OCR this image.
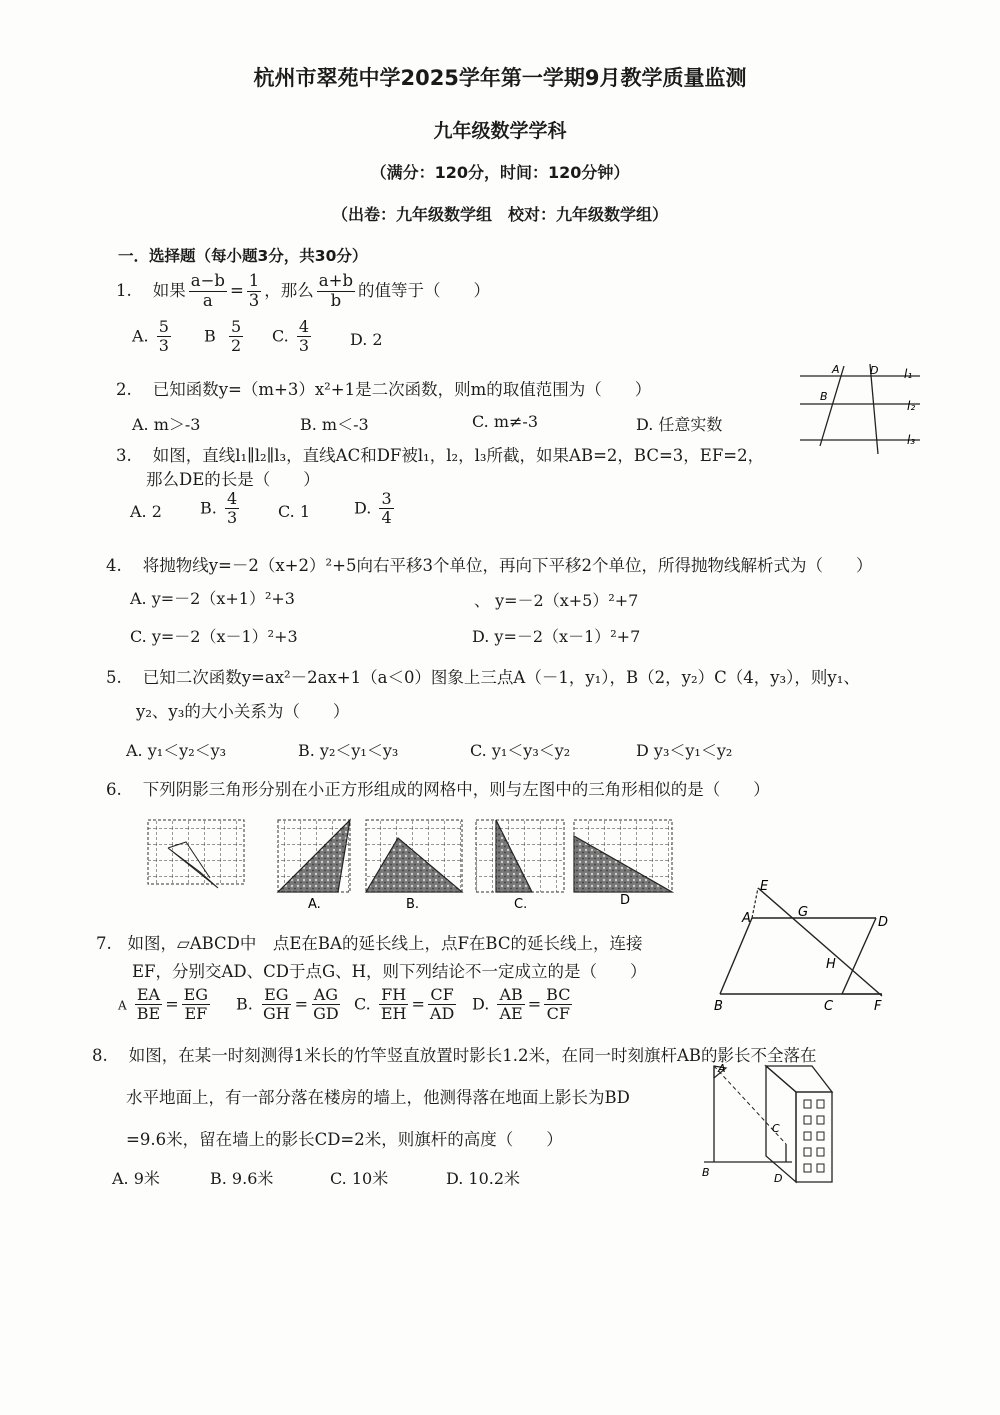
杭州市翠苑中学2025学年第一学期9月教学质量监测
九年级数学学科
（满分：120分，时间：120分钟）
（出卷：九年级数学组　校对：九年级数学组）
一．选择题（每小题3分，共30分）
1. 如果 $\frac{a-b}{a} = \frac{1}{3}$ ，那么 $\frac{a+b}{b}$ 的值等于（　　）
A. $\frac{5}{3}$ B $\frac{5}{2} C$. $\frac{4}{3} D$. 2
2. 已知函数y=（m+3）x²+1是二次函数，则m的取值范围为（　　）
A. m＞-3	B. m＜-3	C. m≠-3	D. 任意实数
A	D
B
l₁
l₂
l₃
3. 如图，直线l₁∥l₂∥l₃，直线AC和DF被l₁，l₂，l₃所截，如果AB=2，BC=3，EF=2，
那么DE的长是（　　）
A. 2 B. $\frac{4}{3} C$. 1	D. $\frac{3}{4}$
4. 将抛物线y=－2（x+2）²+5向右平移3个单位，再向下平移2个单位，所得抛物线解析式为（　　）
A. y=－2（x+1）²+3	、 y=－2（x+5）²+7
C. y=－2（x－1）²+3	D. y=－2（x－1）²+7
5. 已知二次函数y=ax²－2ax+1（a＜0）图象上三点A（－1，y₁），B（2，y₂）C（4，y₃），则y₁、
y₂、y₃的大小关系为（　　）
A. y₁＜y₂＜y₃	B. y₂＜y₁＜y₃	C. y₁＜y₃＜y₂	D y₃＜y₁＜y₂
6. 下列阴影三角形分别在小正方形组成的网格中，则与左图中的三角形相似的是（　　）
A.	B.	C.	D
E
A	G
D
H
B	C	F
7. 如图，▱ABCD中　点E在BA的延长线上，点F在BC的延长线上，连接
EF，分别交AD、CD于点G、H，则下列结论不一定成立的是（　　）
A $\frac{EA}{BE} = \frac{EG}{EF} B$. $\frac{EG}{GH} = \frac{AG}{GD} C$. $\frac{FH}{EH} = \frac{CF}{AD} D$. $\frac{AB}{AE} = \frac{BC}{CF}$
8. 如图，在某一时刻测得1米长的竹竿竖直放置时影长1.2米，在同一时刻旗杆AB的影长不全落在
水平地面上，有一部分落在楼房的墙上，他测得落在地面上影长为BD
=9.6米，留在墙上的影长CD=2米，则旗杆的高度（　　）
A. 9米	B. 9.6米	C. 10米	D. 10.2米
A
B
C
D
